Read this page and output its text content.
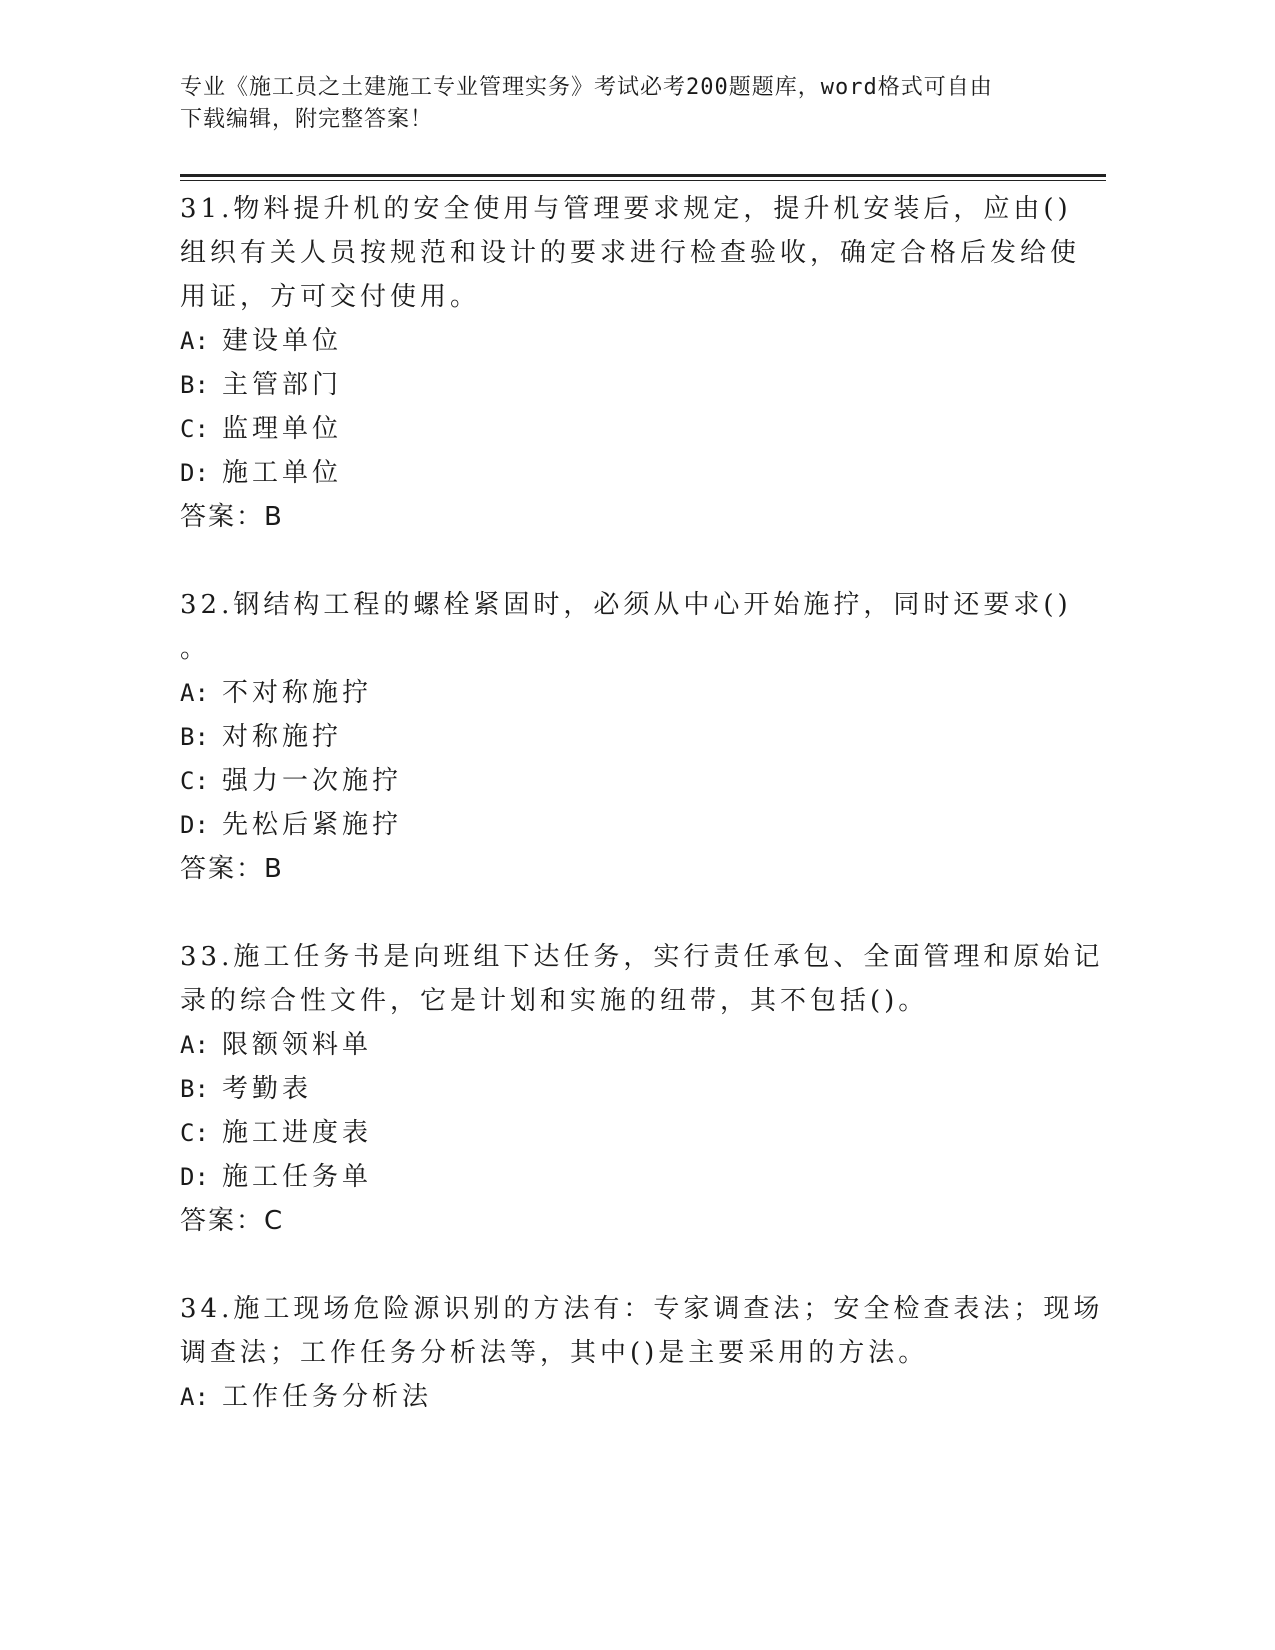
专业《施工员之土建施工专业管理实务》考试必考200题题库，word格式可自由
下载编辑，附完整答案！
31.物料提升机的安全使用与管理要求规定，提升机安装后，应由()
组织有关人员按规范和设计的要求进行检查验收，确定合格后发给使
用证，方可交付使用。
A: 建设单位
B: 主管部门
C: 监理单位
D: 施工单位
答案：B
32.钢结构工程的螺栓紧固时，必须从中心开始施拧，同时还要求()
。
A: 不对称施拧
B: 对称施拧
C: 强力一次施拧
D: 先松后紧施拧
答案：B
33.施工任务书是向班组下达任务，实行责任承包、全面管理和原始记
录的综合性文件，它是计划和实施的纽带，其不包括()。
A: 限额领料单
B: 考勤表
C: 施工进度表
D: 施工任务单
答案：C
34.施工现场危险源识别的方法有：专家调查法；安全检查表法；现场
调查法；工作任务分析法等，其中()是主要采用的方法。
A: 工作任务分析法
